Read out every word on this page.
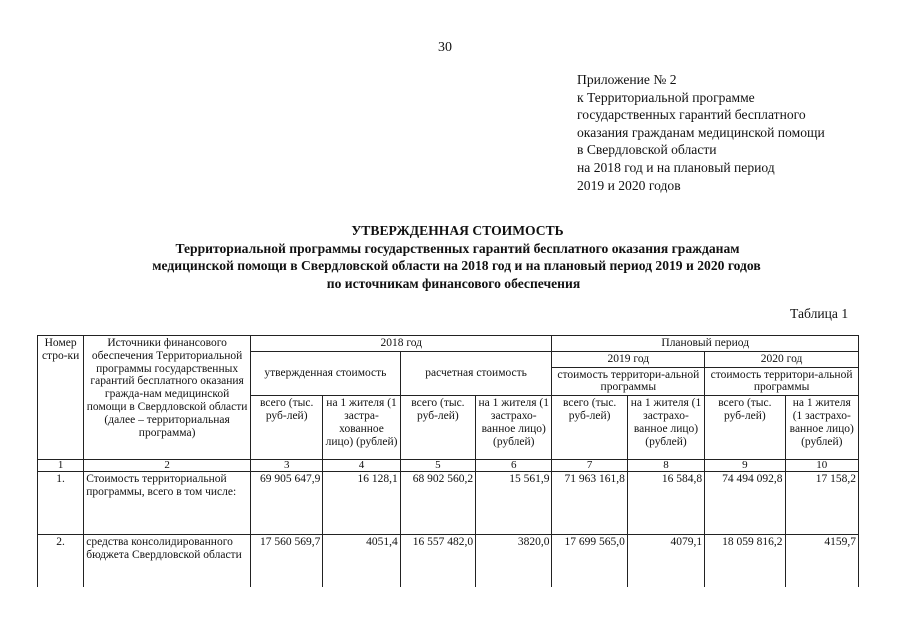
30
Приложение № 2
к Территориальной программе
государственных гарантий бесплатного
оказания гражданам медицинской помощи
в Свердловской области
на 2018 год и на плановый период
2019 и 2020 годов
УТВЕРЖДЕННАЯ СТОИМОСТЬ
Территориальной программы государственных гарантий бесплатного оказания гражданам
медицинской помощи в Свердловской области на 2018 год и на плановый период 2019 и 2020 годов
по источникам финансового обеспечения
Таблица 1
Номер стро-ки	Источники финансового обеспечения Территориальной программы государственных гарантий бесплатного оказания граждa-нам медицинской помощи в Свердловской области (далее – территориальная программа)	2018 год				Плановый период			
		утвержденная стоимость		расчетная стоимость		2019 год		2020 год	
						стоимость территори-альной программы		стоимость территори-альной программы	
		всего (тыс. руб-лей)	на 1 жителя (1 застра-хованное лицо) (рублей)	всего (тыс. руб-лей)	на 1 жителя (1 застрахо-ванное лицо) (рублей)	всего (тыс. руб-лей)	на 1 жителя (1 застрахо-ванное лицо) (рублей)	всего (тыс. руб-лей)	на 1 жителя (1 застрахо-ванное лицо) (рублей)
1	2	3	4	5	6	7	8	9	10
1.	Стоимость территориальной программы, всего в том числе:	69 905 647,9	16 128,1	68 902 560,2	15 561,9	71 963 161,8	16 584,8	74 494 092,8	17 158,2
2.	средства консолидированного бюджета Свердловской области	17 560 569,7	4051,4	16 557 482,0	3820,0	17 699 565,0	4079,1	18 059 816,2	4159,7
